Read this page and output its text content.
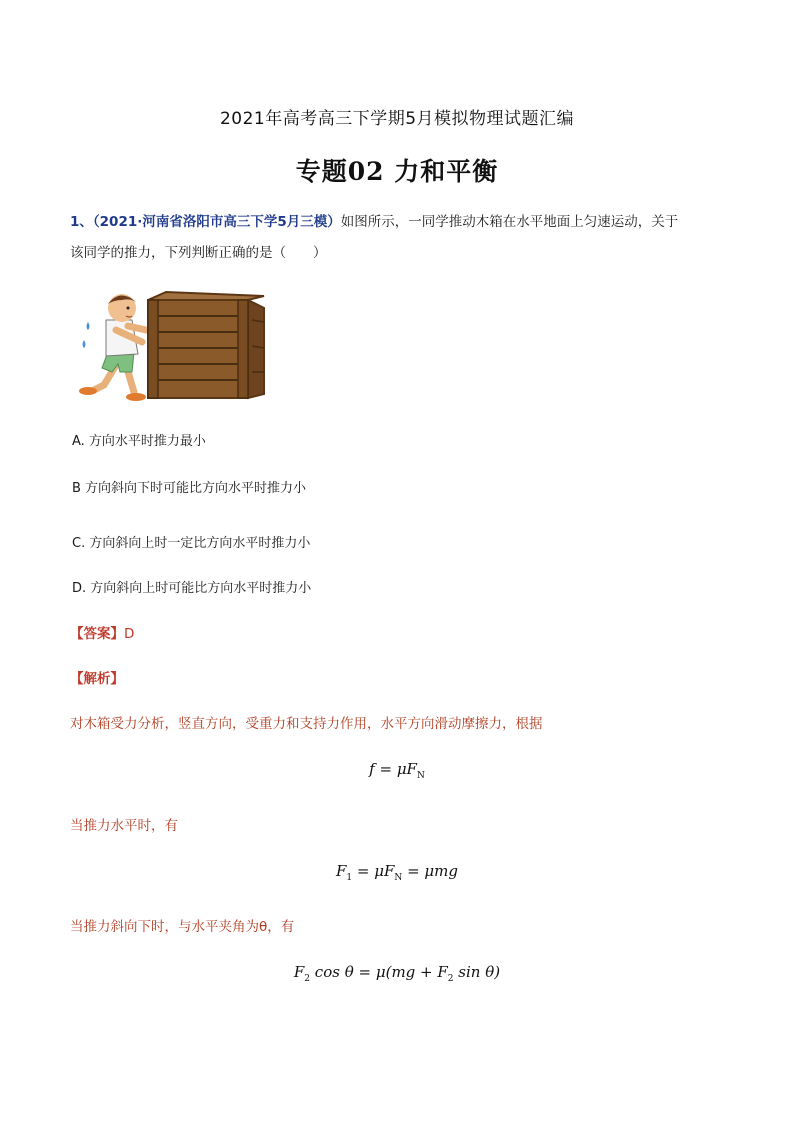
2021年高考高三下学期5月模拟物理试题汇编
专题02 力和平衡
1、（2021·河南省洛阳市高三下学5月三模）如图所示，一同学推动木箱在水平地面上匀速运动，关于
该同学的推力，下列判断正确的是（　　）
A. 方向水平时推力最小
B 方向斜向下时可能比方向水平时推力小
C. 方向斜向上时一定比方向水平时推力小
D. 方向斜向上时可能比方向水平时推力小
【答案】D
【解析】
对木箱受力分析，竖直方向，受重力和支持力作用，水平方向滑动摩擦力，根据
$f = \mu F_N$
当推力水平时，有
$F_1 = \mu F_N = \mu mg$
当推力斜向下时，与水平夹角为θ，有
$F_2$ $\cos \theta = \mu(mg + F_2$ sin θ)
